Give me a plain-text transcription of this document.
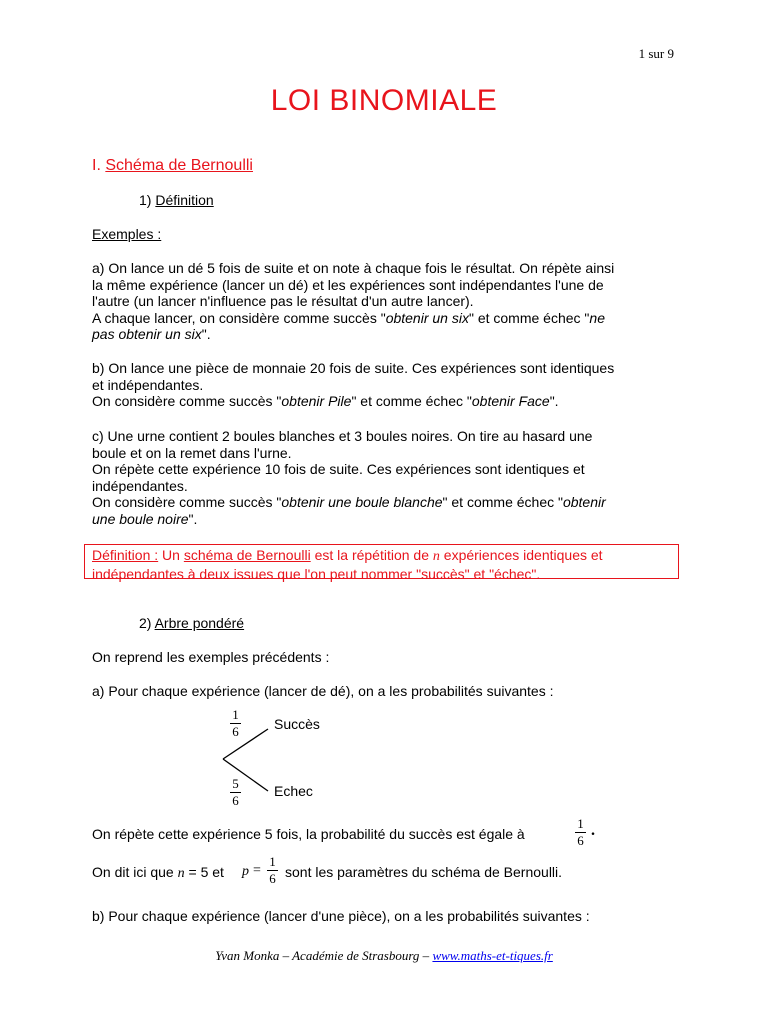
1 sur 9
LOI BINOMIALE
I. Schéma de Bernoulli
1) Définition
Exemples :
a) On lance un dé 5 fois de suite et on note à chaque fois le résultat. On répète ainsi
la même expérience (lancer un dé) et les expériences sont indépendantes l'une de
l'autre (un lancer n'influence pas le résultat d'un autre lancer).
A chaque lancer, on considère comme succès "obtenir un six" et comme échec "ne
pas obtenir un six".
b) On lance une pièce de monnaie 20 fois de suite. Ces expériences sont identiques
et indépendantes.
On considère comme succès "obtenir Pile" et comme échec "obtenir Face".
c) Une urne contient 2 boules blanches et 3 boules noires. On tire au hasard une
boule et on la remet dans l'urne.
On répète cette expérience 10 fois de suite. Ces expériences sont identiques et
indépendantes.
On considère comme succès "obtenir une boule blanche" et comme échec "obtenir
une boule noire".
Définition : Un schéma de Bernoulli est la répétition de n expériences identiques et
indépendantes à deux issues que l'on peut nommer "succès" et "échec".
2) Arbre pondéré
On reprend les exemples précédents :
a) Pour chaque expérience (lancer de dé), on a les probabilités suivantes :
1
6	Succès
5
6
Echec
On répète cette expérience 5 fois, la probabilité du succès est égale à
1
6
.
On dit ici que n = 5 et p =
1
6 sont les paramètres du schéma de Bernoulli.
b) Pour chaque expérience (lancer d'une pièce), on a les probabilités suivantes :
Yvan Monka – Académie de Strasbourg – www.maths-et-tiques.fr
